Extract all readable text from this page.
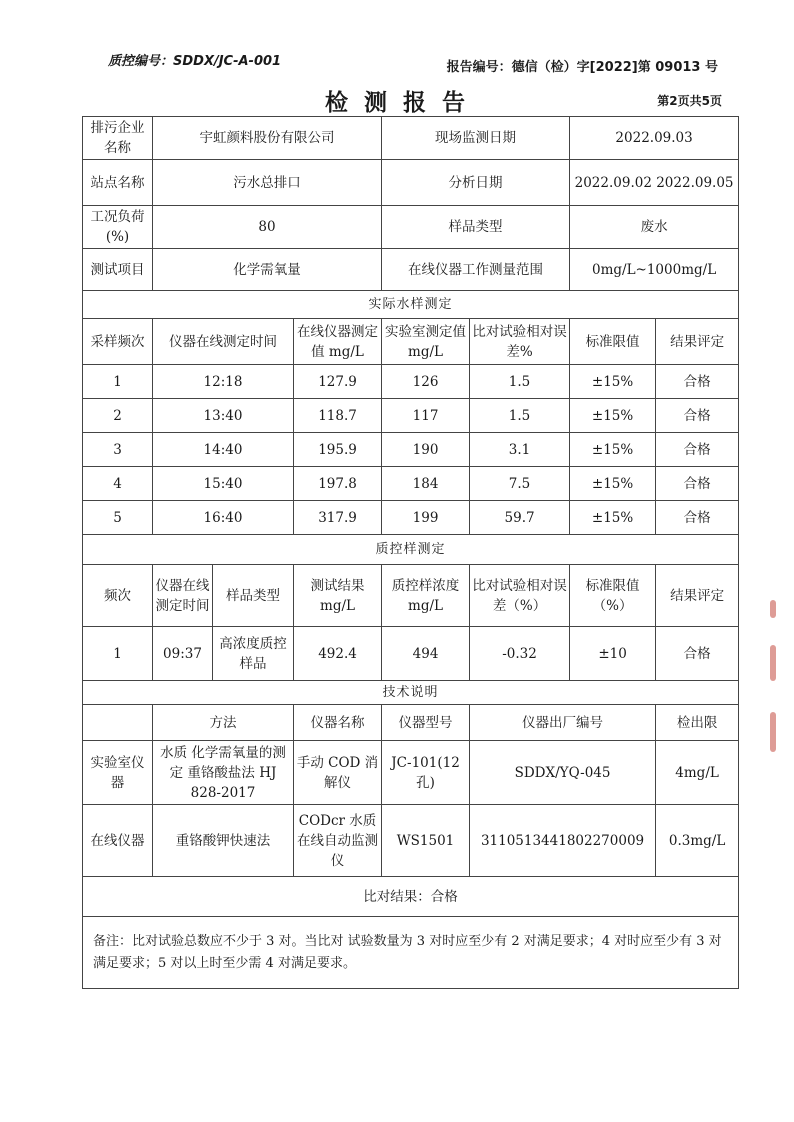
质控编号：SDDX/JC-A-001	报告编号：德信（检）字[2022]第 09013 号
检 测 报 告	第2页共5页
排污企业名称	宇虹颜料股份有限公司			现场监测日期		2022.09.03	
站点名称	污水总排口			分析日期		2022.09.02 2022.09.05	
工况负荷(%)	80			样品类型		废水	
测试项目	化学需氧量			在线仪器工作测量范围		0mg/L~1000mg/L	
实际水样测定							
采样频次	仪器在线测定时间		在线仪器测定值 mg/L	实验室测定值 mg/L	比对试验相对误差%	标准限值	结果评定
1	12:18		127.9	126	1.5	±15%	合格
2	13:40		118.7	117	1.5	±15%	合格
3	14:40		195.9	190	3.1	±15%	合格
4	15:40		197.8	184	7.5	±15%	合格
5	16:40		317.9	199	59.7	±15%	合格
质控样测定							
频次	仪器在线测定时间	样品类型	测试结果 mg/L	质控样浓度 mg/L	比对试验相对误差（%）	标准限值（%）	结果评定
1	09:37	高浓度质控样品	492.4	494	-0.32	±10	合格
技术说明							
	方法		仪器名称	仪器型号	仪器出厂编号		检出限
实验室仪器	水质 化学需氧量的测定 重铬酸盐法 HJ 828-2017		手动 COD 消解仪	JC-101(12 孔)	SDDX/YQ-045		4mg/L
在线仪器	重铬酸钾快速法		CODcr 水质在线自动监测仪	WS1501	3110513441802270009		0.3mg/L
比对结果：合格							
备注：比对试验总数应不少于 3 对。当比对 试验数量为 3 对时应至少有 2 对满足要求；4 对时应至少有 3 对满足要求；5 对以上时至少需 4 对满足要求。							
